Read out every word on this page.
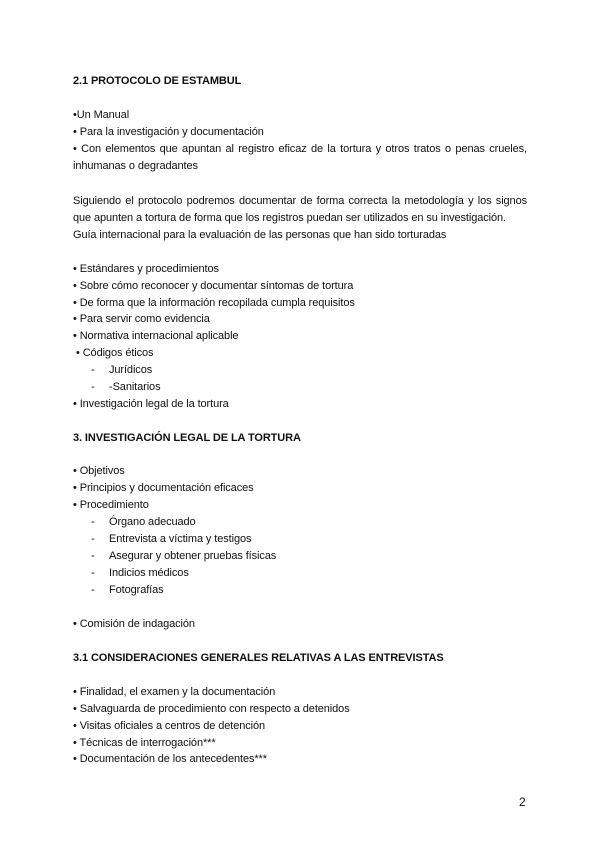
2.1 PROTOCOLO DE ESTAMBUL
•Un Manual
• Para la investigación y documentación
• Con elementos que apuntan al registro eficaz de la tortura y otros tratos o penas crueles,
inhumanas o degradantes
Siguiendo el protocolo podremos documentar de forma correcta la metodología y los signos
que apunten a tortura de forma que los registros puedan ser utilizados en su investigación.
Guía internacional para la evaluación de las personas que han sido torturadas
• Estándares y procedimientos
• Sobre cómo reconocer y documentar síntomas de tortura
• De forma que la información recopilada cumpla requisitos
• Para servir como evidencia
• Normativa internacional aplicable
• Códigos éticos
- Jurídicos
- -Sanitarios
• Investigación legal de la tortura
3. INVESTIGACIÓN LEGAL DE LA TORTURA
• Objetivos
• Principios y documentación eficaces
• Procedimiento
- Órgano adecuado
- Entrevista a víctima y testigos
- Asegurar y obtener pruebas físicas
- Indicios médicos
- Fotografías
• Comisión de indagación
3.1 CONSIDERACIONES GENERALES RELATIVAS A LAS ENTREVISTAS
• Finalidad, el examen y la documentación
• Salvaguarda de procedimiento con respecto a detenidos
• Visitas oficiales a centros de detención
• Técnicas de interrogación***
• Documentación de los antecedentes***
2
